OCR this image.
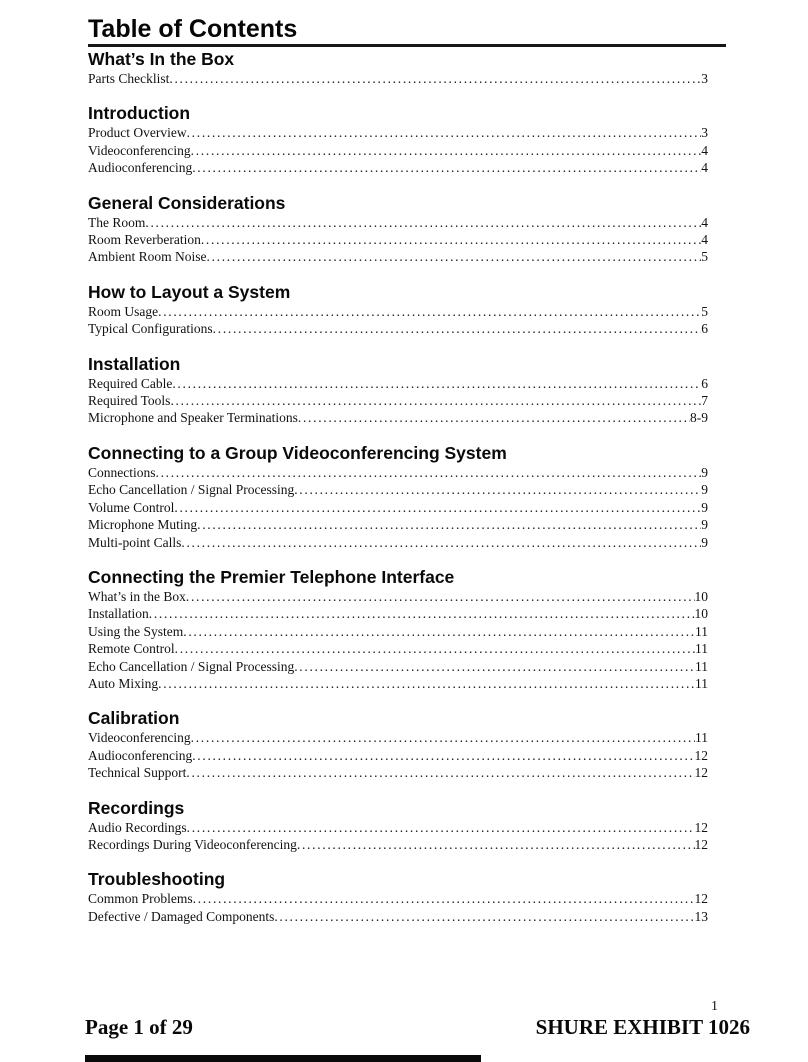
Table of Contents
What’s In the Box
Parts Checklist .....	3
Introduction
Product Overview .....	3
Videoconferencing .....	4
Audioconferencing .....	4
General Considerations
The Room .....	4
Room Reverberation .....	4
Ambient Room Noise .....	5
How to Layout a System
Room Usage .....	5
Typical Configurations .....	6
Installation
Required Cable .....	6
Required Tools .....	7
Microphone and Speaker Terminations .....	8-9
Connecting to a Group Videoconferencing System
Connections .....	9
Echo Cancellation / Signal Processing .....	9
Volume Control .....	9
Microphone Muting .....	9
Multi-point Calls .....	9
Connecting the Premier Telephone Interface
What’s in the Box .....	10
Installation .....	10
Using the System .....	11
Remote Control .....	11
Echo Cancellation / Signal Processing .....	11
Auto Mixing .....	11
Calibration
Videoconferencing .....	11
Audioconferencing .....	12
Technical Support .....	12
Recordings
Audio Recordings .....	12
Recordings During Videoconferencing .....	12
Troubleshooting
Common Problems .....	12
Defective / Damaged Components .....	13
1
Page 1 of 29	SHURE EXHIBIT 1026
